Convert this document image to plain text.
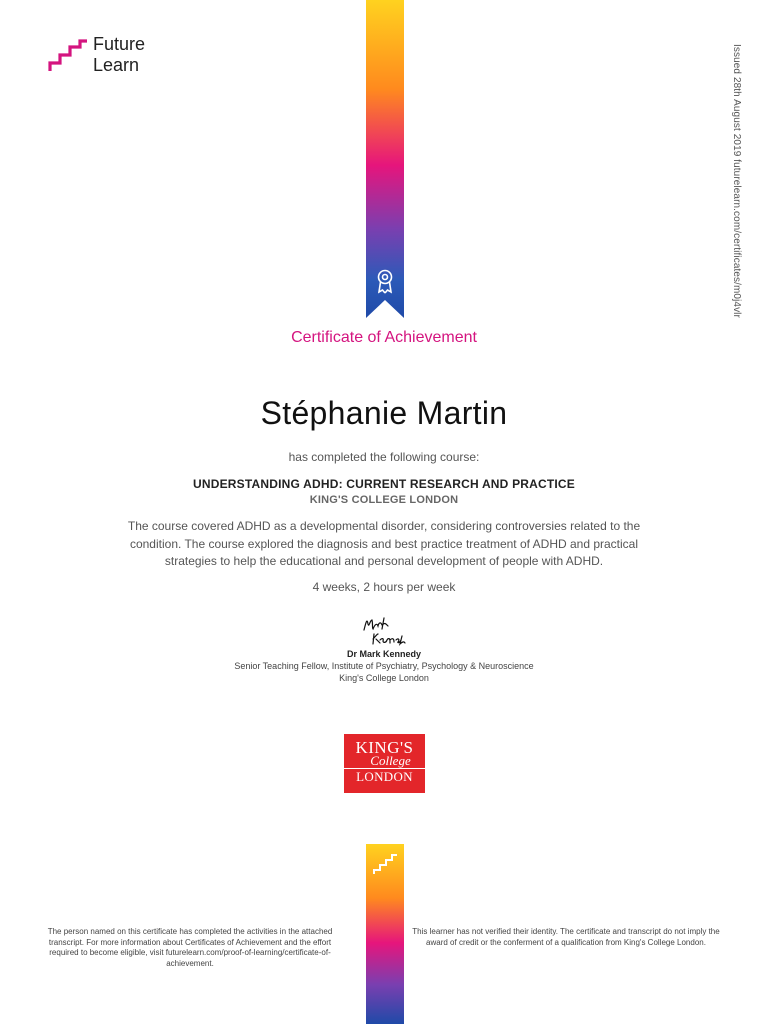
Future
Learn	Issued 28th August 2019 futurelearn.com/certificates/m0j4vlr
Certificate of Achievement
Stéphanie Martin
has completed the following course:
UNDERSTANDING ADHD: CURRENT RESEARCH AND PRACTICE
KING'S COLLEGE LONDON
The course covered ADHD as a developmental disorder, considering controversies related to the condition. The course explored the diagnosis and best practice treatment of ADHD and practical strategies to help the educational and personal development of people with ADHD.
4 weeks, 2 hours per week
Dr Mark Kennedy
Senior Teaching Fellow, Institute of Psychiatry, Psychology & Neuroscience
King's College London
KING'S
College
LONDON
The person named on this certificate has completed the activities in the attached transcript. For more information about Certificates of Achievement and the effort required to become eligible, visit futurelearn.com/proof-of-learning/certificate-of-achievement.
This learner has not verified their identity. The certificate and transcript do not imply the award of credit or the conferment of a qualification from King's College London.
